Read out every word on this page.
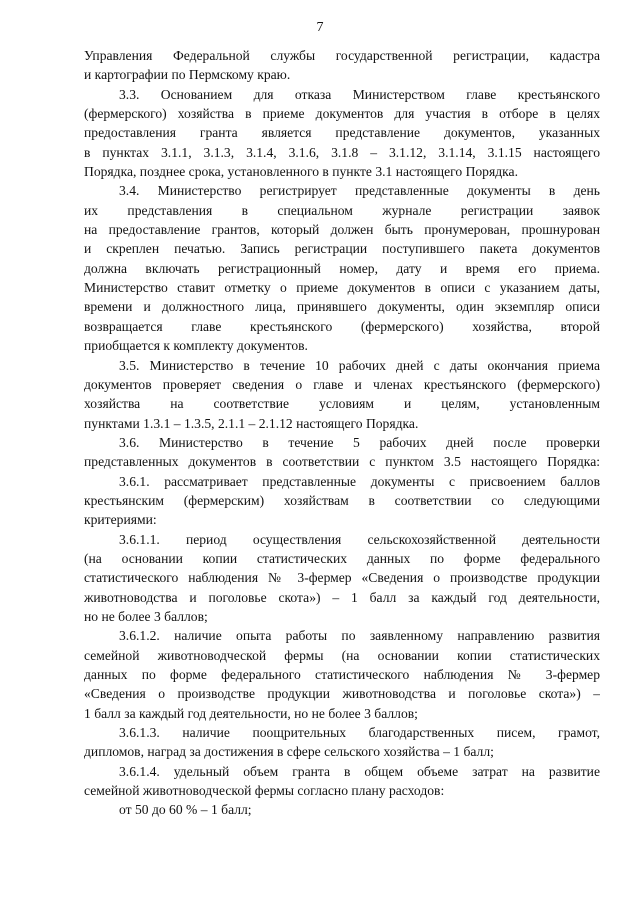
7
Управления Федеральной службы государственной регистрации, кадастра
и картографии по Пермскому краю.
3.3. Основанием для отказа Министерством главе крестьянского
(фермерского) хозяйства в приеме документов для участия в отборе в целях
предоставления гранта является представление документов, указанных
в пунктах 3.1.1, 3.1.3, 3.1.4, 3.1.6, 3.1.8 – 3.1.12, 3.1.14, 3.1.15 настоящего
Порядка, позднее срока, установленного в пункте 3.1 настоящего Порядка.
3.4. Министерство регистрирует представленные документы в день
их представления в специальном журнале регистрации заявок
на предоставление грантов, который должен быть пронумерован, прошнурован
и скреплен печатью. Запись регистрации поступившего пакета документов
должна включать регистрационный номер, дату и время его приема.
Министерство ставит отметку о приеме документов в описи с указанием даты,
времени и должностного лица, принявшего документы, один экземпляр описи
возвращается главе крестьянского (фермерского) хозяйства, второй
приобщается к комплекту документов.
3.5. Министерство в течение 10 рабочих дней с даты окончания приема
документов проверяет сведения о главе и членах крестьянского (фермерского)
хозяйства на соответствие условиям и целям, установленным
пунктами 1.3.1 – 1.3.5, 2.1.1 – 2.1.12 настоящего Порядка.
3.6. Министерство в течение 5 рабочих дней после проверки
представленных документов в соответствии с пунктом 3.5 настоящего Порядка:
3.6.1. рассматривает представленные документы с присвоением баллов
крестьянским (фермерским) хозяйствам в соответствии со следующими
критериями:
3.6.1.1. период осуществления сельскохозяйственной деятельности
(на основании копии статистических данных по форме федерального
статистического наблюдения № 3-фермер «Сведения о производстве продукции
животноводства и поголовье скота») – 1 балл за каждый год деятельности,
но не более 3 баллов;
3.6.1.2. наличие опыта работы по заявленному направлению развития
семейной животноводческой фермы (на основании копии статистических
данных по форме федерального статистического наблюдения № 3-фермер
«Сведения о производстве продукции животноводства и поголовье скота») –
1 балл за каждый год деятельности, но не более 3 баллов;
3.6.1.3. наличие поощрительных благодарственных писем, грамот,
дипломов, наград за достижения в сфере сельского хозяйства – 1 балл;
3.6.1.4. удельный объем гранта в общем объеме затрат на развитие
семейной животноводческой фермы согласно плану расходов:
от 50 до 60 % – 1 балл;
